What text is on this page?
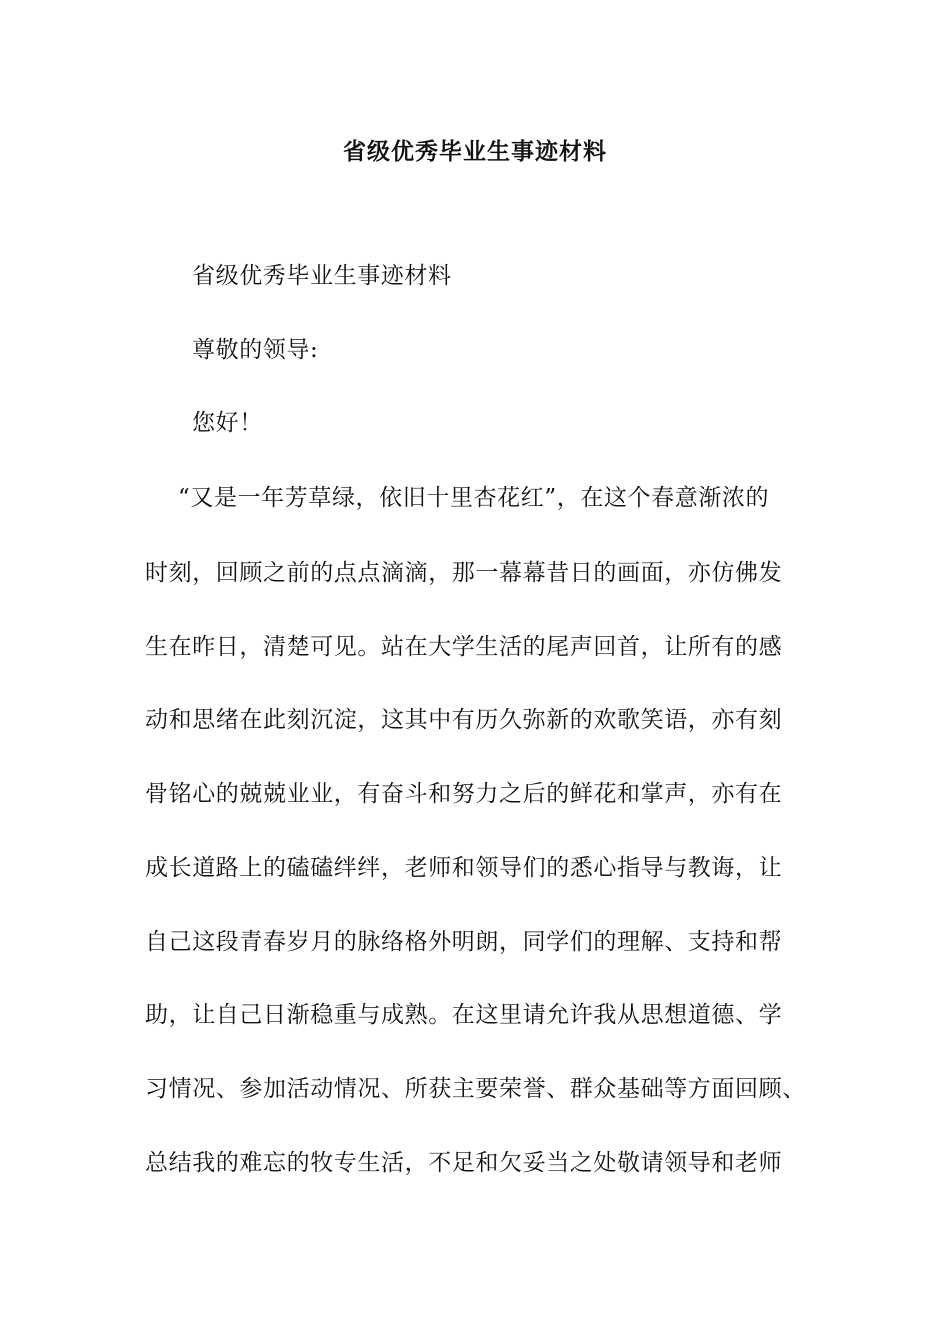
省级优秀毕业生事迹材料
省级优秀毕业生事迹材料
尊敬的领导:
您好！
“又是一年芳草绿，依旧十里杏花红”，在这个春意渐浓的
时刻，回顾之前的点点滴滴，那一幕幕昔日的画面，亦仿佛发
生在昨日，清楚可见。站在大学生活的尾声回首，让所有的感
动和思绪在此刻沉淀，这其中有历久弥新的欢歌笑语，亦有刻
骨铭心的兢兢业业，有奋斗和努力之后的鲜花和掌声，亦有在
成长道路上的磕磕绊绊，老师和领导们的悉心指导与教诲，让
自己这段青春岁月的脉络格外明朗，同学们的理解、支持和帮
助，让自己日渐稳重与成熟。在这里请允许我从思想道德、学
习情况、参加活动情况、所获主要荣誉、群众基础等方面回顾、
总结我的难忘的牧专生活，不足和欠妥当之处敬请领导和老师
